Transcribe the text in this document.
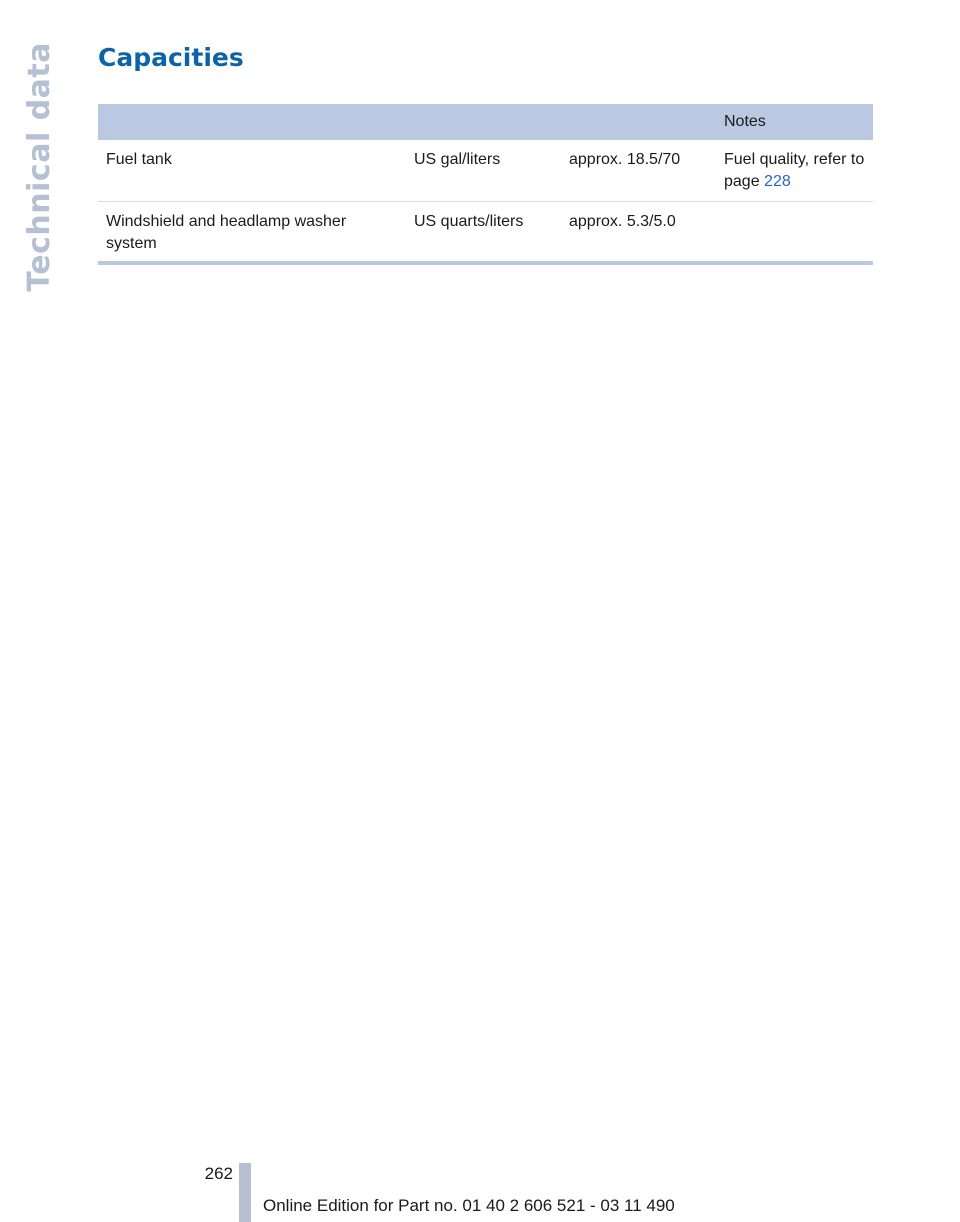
Technical data Capacities
			Notes
Fuel tank	US gal/liters	approx. 18.5/70	Fuel quality, refer to page 228
Windshield and headlamp washer system	US quarts/liters	approx. 5.3/5.0	
262
Online Edition for Part no. 01 40 2 606 521 - 03 11 490
